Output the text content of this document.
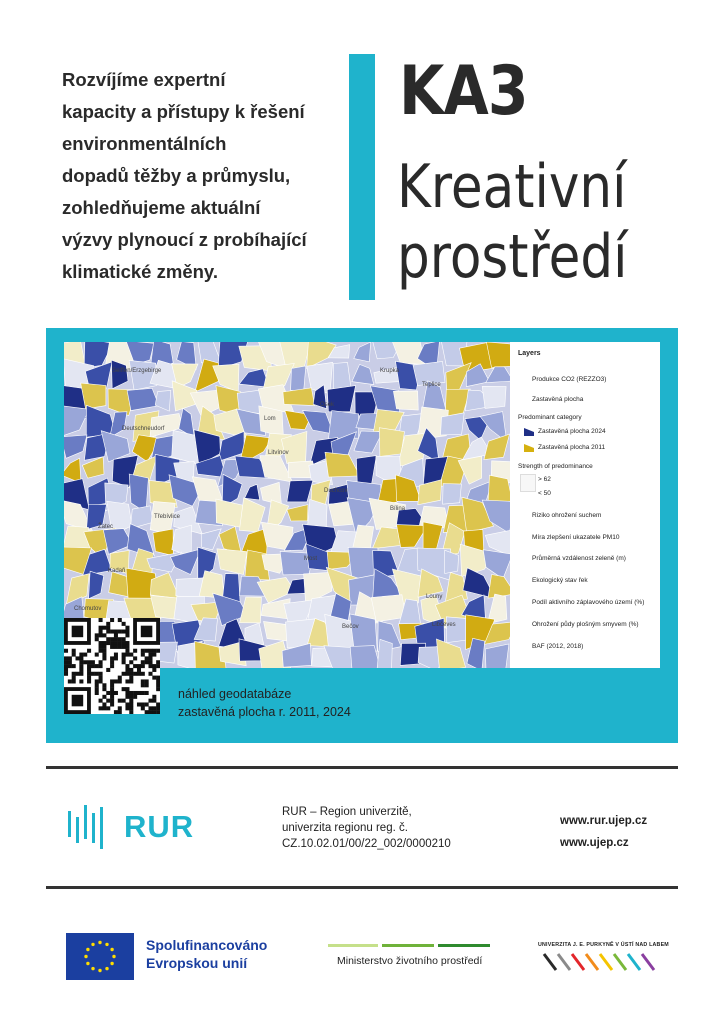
Rozvíjíme expertní
kapacity a přístupy k řešení
environmentálních
dopadů těžby a průmyslu,
zohledňujeme aktuální
výzvy plynoucí z probíhající
klimatické změny.
KA3
Kreativní
prostředí
Seiffen/Erzgebirge
Deutschneudorf
Teplice
Bílina
Litvínov
Most
Louny
Žatec
Bečov	Libčeves
Chomutov
Třebívlice
Krupka
Duchcov
Osek
Lom
Kadaň
Layers
Produkce CO2 (REZZO3)
Zastavěná plocha
Predominant category
Zastavěná plocha 2024
Zastavěná plocha 2011
Strength of predominance
> 62
< 50
Riziko ohrožení suchem
Míra zlepšení ukazatele PM10
Průměrná vzdálenost zeleně (m)
Ekologický stav řek
Podíl aktivního záplavového území (%)
Ohrožení půdy plošným smyvem (%)
BAF (2012, 2018)
náhled geodatabáze
zastavěná plocha r. 2011, 2024
RUR	RUR – Region univerzitě,
univerzita regionu reg. č.
CZ.10.02.01/00/22_002/0000210
www.rur.ujep.cz
www.ujep.cz
Spolufinancováno
Evropskou unií	Ministerstvo životního prostředí
UNIVERZITA J. E. PURKYNĚ V ÚSTÍ NAD LABEM
